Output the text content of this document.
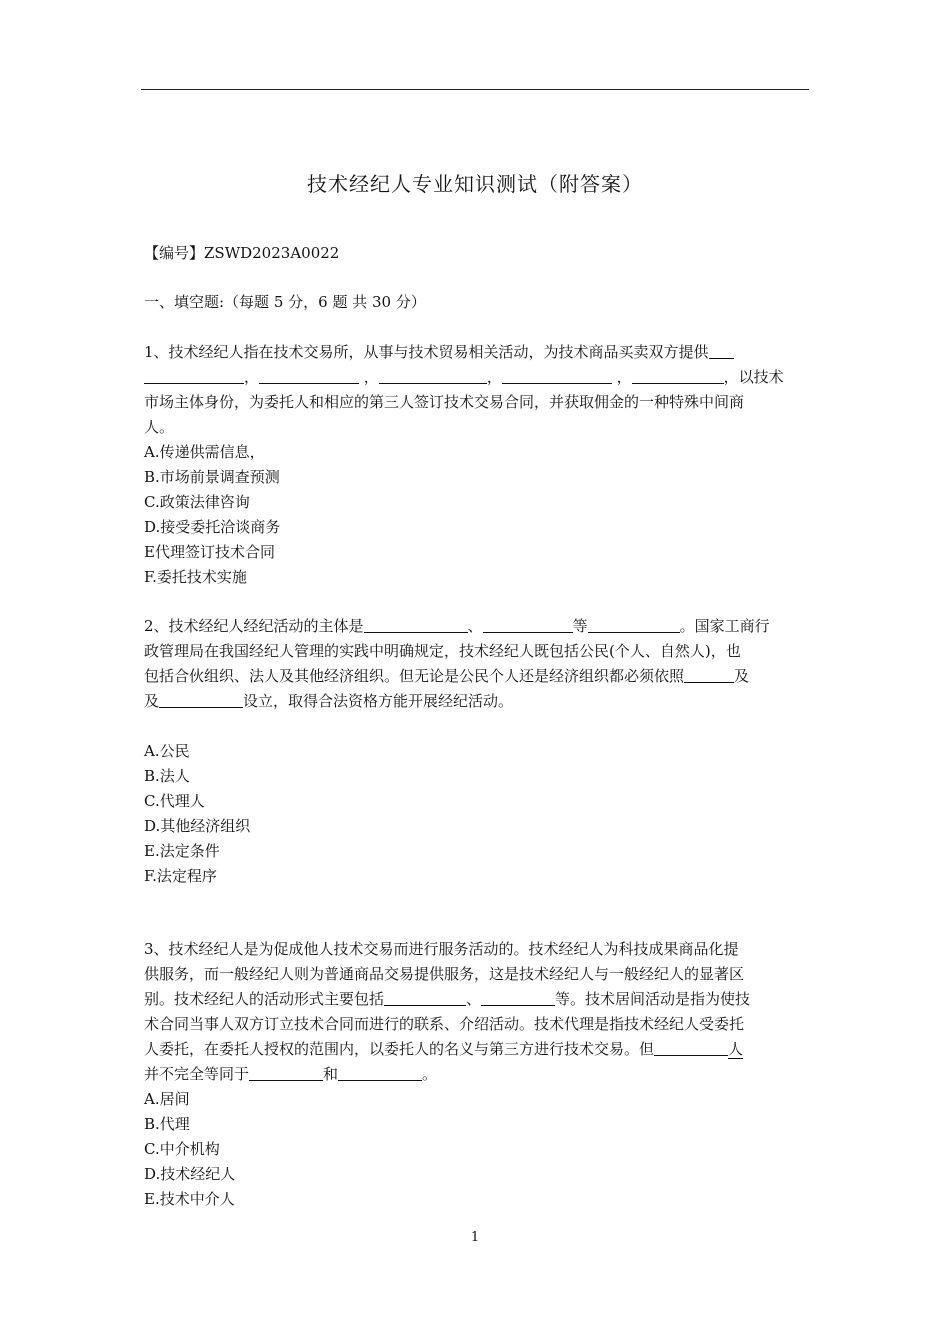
技术经纪人专业知识测试（附答案）
【编号】ZSWD2023A0022
一、填空题:（每题 5 分，6 题 共 30 分）
1、技术经纪人指在技术交易所，从事与技术贸易相关活动，为技术商品买卖双方提供
，	，	，	，	，以技术
市场主体身份，为委托人和相应的第三人签订技术交易合同，并获取佣金的一种特殊中间商
人。
A.传递供需信息，
B.市场前景调查预测
C.政策法律咨询
D.接受委托洽谈商务
E代理签订技术合同
F.委托技术实施
2、技术经纪人经纪活动的主体是	、	等	。国家工商行
政管理局在我国经纪人管理的实践中明确规定，技术经纪人既包括公民(个人、自然人)，也
包括合伙组织、法人及其他经济组织。但无论是公民个人还是经济组织都必须依照	及
及	设立，取得合法资格方能开展经纪活动。
A.公民
B.法人
C.代理人
D.其他经济组织
E.法定条件
F.法定程序
3、技术经纪人是为促成他人技术交易而进行服务活动的。技术经纪人为科技成果商品化提
供服务，而一般经纪人则为普通商品交易提供服务，这是技术经纪人与一般经纪人的显著区
别。技术经纪人的活动形式主要包括	、	等。技术居间活动是指为使技
术合同当事人双方订立技术合同而进行的联系、介绍活动。技术代理是指技术经纪人受委托
人委托，在委托人授权的范围内，以委托人的名义与第三方进行技术交易。但	人
并不完全等同于	和	。
A.居间
B.代理
C.中介机构
D.技术经纪人
E.技术中介人
1
